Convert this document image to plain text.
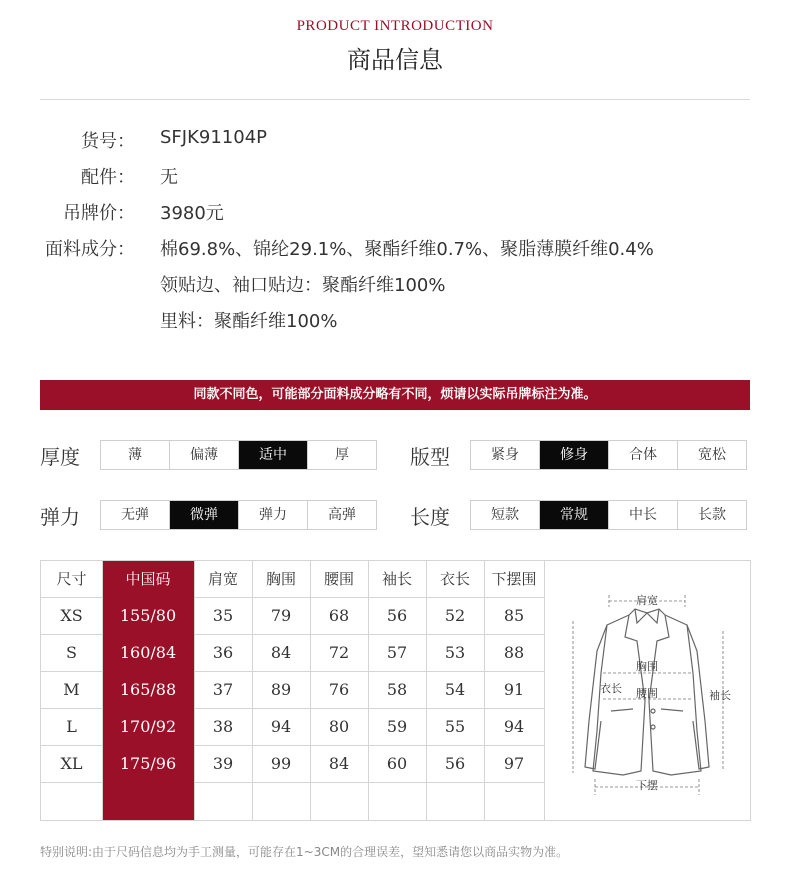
PRODUCT INTRODUCTION
商品信息
货号： SFJK91104P
配件： 无
吊牌价： 3980元
面料成分： 棉69.8%、锦纶29.1%、聚酯纤维0.7%、聚脂薄膜纤维0.4%
领贴边、袖口贴边：聚酯纤维100%
里料：聚酯纤维100%
同款不同色，可能部分面料成分略有不同，烦请以实际吊牌标注为准。
厚度	薄	偏薄	适中	厚	版型	紧身	修身	合体	宽松
弹力	无弹	微弹	弹力	高弹	长度	短款	常规	中长	长款
尺寸	中国码	肩宽	胸围	腰围	袖长	衣长	下摆围
XS	155/80	35	79	68	56	52	85
S	160/84	36	84	72	57	53	88
M	165/88	37	89	76	58	54	91
L	170/92	38	94	80	59	55	94
XL	175/96	39	99	84	60	56	97
肩宽
胸围
腰围
衣长
袖长
下摆
特别说明:由于尺码信息均为手工测量，可能存在1~3CM的合理误差，望知悉请您以商品实物为准。
